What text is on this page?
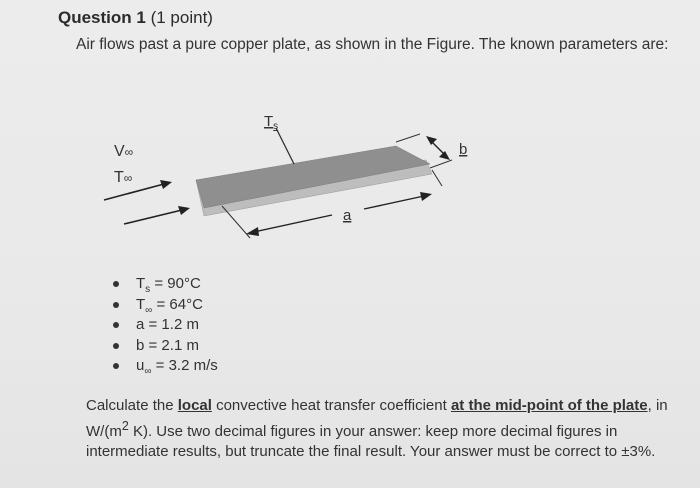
Question 1 (1 point)
Air flows past a pure copper plate, as shown in the Figure. The known parameters are:
$T_s$
V∞
T∞
a
b
$T_s = 90^\circ C$
$T_\infty = 64^\circ C$
a = 1.2 m
b = 2.1 m
$u_\infty = 3.2$ m/s
Calculate the local convective heat transfer coefficient at the mid-point of the plate, in $W/(m^2$ K). Use two decimal figures in your answer: keep more decimal figures in intermediate results, but truncate the final result. Your answer must be correct to ±3%.
